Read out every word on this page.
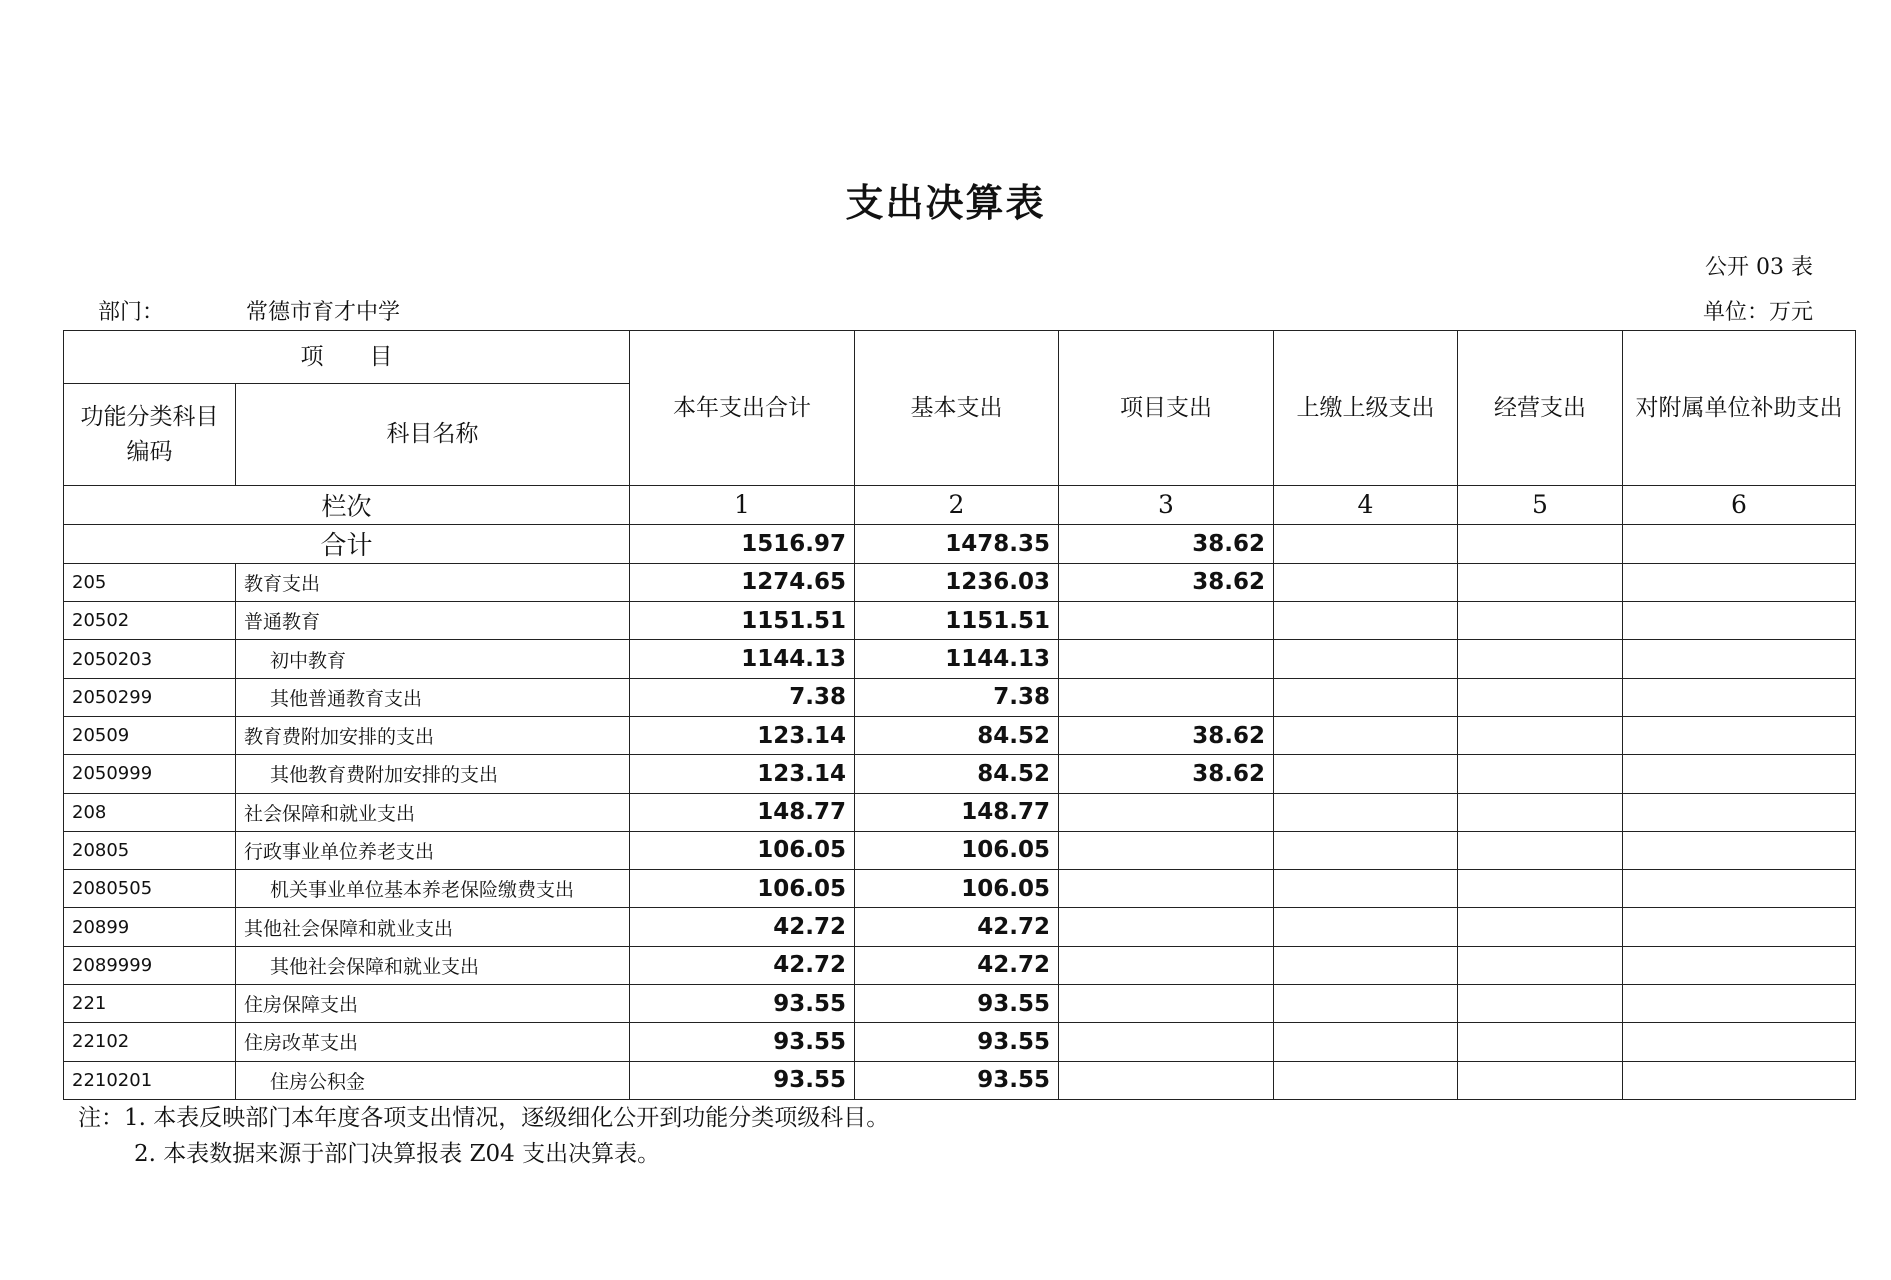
支出决算表
公开 03 表
部门：	常德市育才中学	单位：万元
项　　目		本年支出合计	基本支出	项目支出	上缴上级支出	经营支出	对附属单位补助支出
功能分类科目编码	科目名称						
栏次		1	2	3	4	5	6
合计		1516.97	1478.35	38.62			
205	教育支出	1274.65	1236.03	38.62			
20502	普通教育	1151.51	1151.51				
2050203	初中教育	1144.13	1144.13				
2050299	其他普通教育支出	7.38	7.38				
20509	教育费附加安排的支出	123.14	84.52	38.62			
2050999	其他教育费附加安排的支出	123.14	84.52	38.62			
208	社会保障和就业支出	148.77	148.77				
20805	行政事业单位养老支出	106.05	106.05				
2080505	机关事业单位基本养老保险缴费支出	106.05	106.05				
20899	其他社会保障和就业支出	42.72	42.72				
2089999	其他社会保障和就业支出	42.72	42.72				
221	住房保障支出	93.55	93.55				
22102	住房改革支出	93.55	93.55				
2210201	住房公积金	93.55	93.55				
注：1. 本表反映部门本年度各项支出情况，逐级细化公开到功能分类项级科目。
2. 本表数据来源于部门决算报表 Z04 支出决算表。
